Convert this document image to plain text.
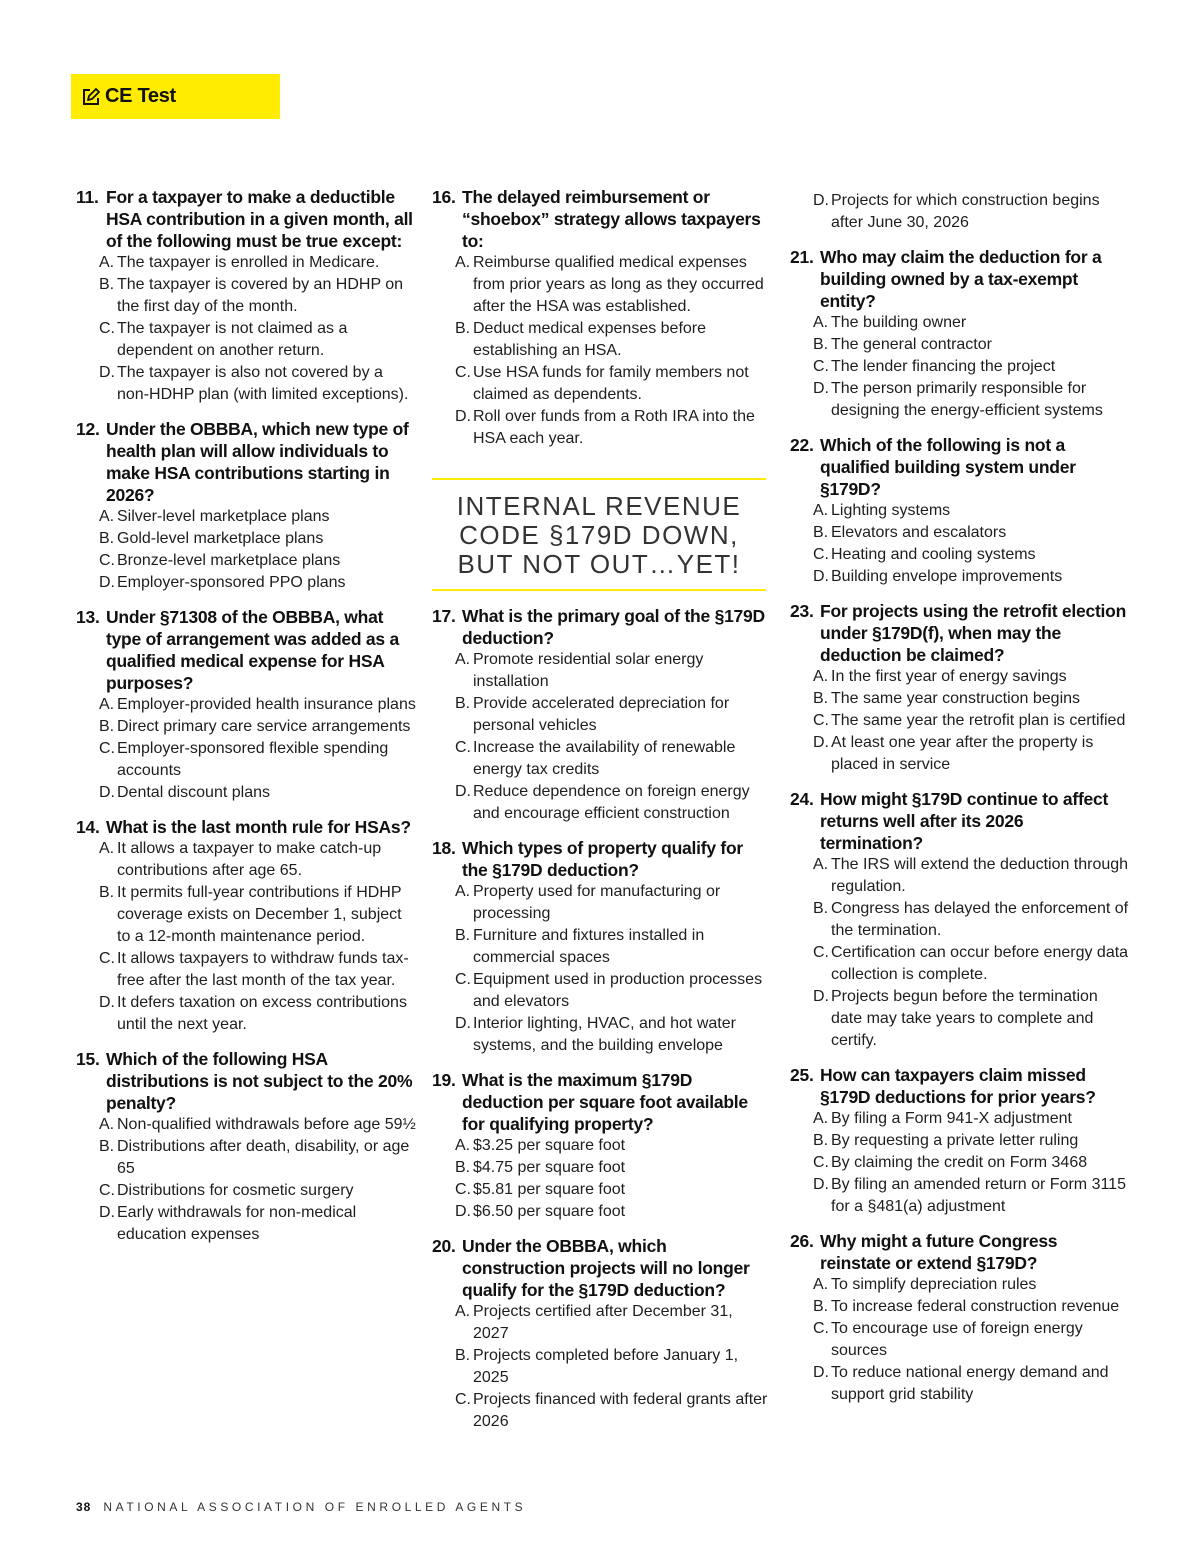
CE Test
11. For a taxpayer to make a deductible HSA contribution in a given month, all of the following must be true except:
A. The taxpayer is enrolled in Medicare.
B. The taxpayer is covered by an HDHP on the first day of the month.
C. The taxpayer is not claimed as a dependent on another return.
D. The taxpayer is also not covered by a non-HDHP plan (with limited exceptions).
12. Under the OBBBA, which new type of health plan will allow individuals to make HSA contributions starting in 2026?
A. Silver-level marketplace plans
B. Gold-level marketplace plans
C. Bronze-level marketplace plans
D. Employer-sponsored PPO plans
13. Under §71308 of the OBBBA, what type of arrangement was added as a qualified medical expense for HSA purposes?
A. Employer-provided health insurance plans
B. Direct primary care service arrangements
C. Employer-sponsored flexible spending accounts
D. Dental discount plans
14. What is the last month rule for HSAs?
A. It allows a taxpayer to make catch-up contributions after age 65.
B. It permits full-year contributions if HDHP coverage exists on December 1, subject to a 12-month maintenance period.
C. It allows taxpayers to withdraw funds tax-free after the last month of the tax year.
D. It defers taxation on excess contributions until the next year.
15. Which of the following HSA distributions is not subject to the 20% penalty?
A. Non-qualified withdrawals before age 59½
B. Distributions after death, disability, or age 65
C. Distributions for cosmetic surgery
D. Early withdrawals for non-medical education expenses
16. The delayed reimbursement or “shoebox” strategy allows taxpayers to:
A. Reimburse qualified medical expenses from prior years as long as they occurred after the HSA was established.
B. Deduct medical expenses before establishing an HSA.
C. Use HSA funds for family members not claimed as dependents.
D. Roll over funds from a Roth IRA into the HSA each year.
INTERNAL REVENUE CODE §179D DOWN, BUT NOT OUT…YET!
17. What is the primary goal of the §179D deduction?
A. Promote residential solar energy installation
B. Provide accelerated depreciation for personal vehicles
C. Increase the availability of renewable energy tax credits
D. Reduce dependence on foreign energy and encourage efficient construction
18. Which types of property qualify for the §179D deduction?
A. Property used for manufacturing or processing
B. Furniture and fixtures installed in commercial spaces
C. Equipment used in production processes and elevators
D. Interior lighting, HVAC, and hot water systems, and the building envelope
19. What is the maximum §179D deduction per square foot available for qualifying property?
A. $3.25 per square foot
B. $4.75 per square foot
C. $5.81 per square foot
D. $6.50 per square foot
20. Under the OBBBA, which construction projects will no longer qualify for the §179D deduction?
A. Projects certified after December 31, 2027
B. Projects completed before January 1, 2025
C. Projects financed with federal grants after 2026
D. Projects for which construction begins after June 30, 2026
21. Who may claim the deduction for a building owned by a tax-exempt entity?
A. The building owner
B. The general contractor
C. The lender financing the project
D. The person primarily responsible for designing the energy-efficient systems
22. Which of the following is not a qualified building system under §179D?
A. Lighting systems
B. Elevators and escalators
C. Heating and cooling systems
D. Building envelope improvements
23. For projects using the retrofit election under §179D(f), when may the deduction be claimed?
A. In the first year of energy savings
B. The same year construction begins
C. The same year the retrofit plan is certified
D. At least one year after the property is placed in service
24. How might §179D continue to affect returns well after its 2026 termination?
A. The IRS will extend the deduction through regulation.
B. Congress has delayed the enforcement of the termination.
C. Certification can occur before energy data collection is complete.
D. Projects begun before the termination date may take years to complete and certify.
25. How can taxpayers claim missed §179D deductions for prior years?
A. By filing a Form 941-X adjustment
B. By requesting a private letter ruling
C. By claiming the credit on Form 3468
D. By filing an amended return or Form 3115 for a §481(a) adjustment
26. Why might a future Congress reinstate or extend §179D?
A. To simplify depreciation rules
B. To increase federal construction revenue
C. To encourage use of foreign energy sources
D. To reduce national energy demand and support grid stability
38 NATIONAL ASSOCIATION OF ENROLLED AGENTS
